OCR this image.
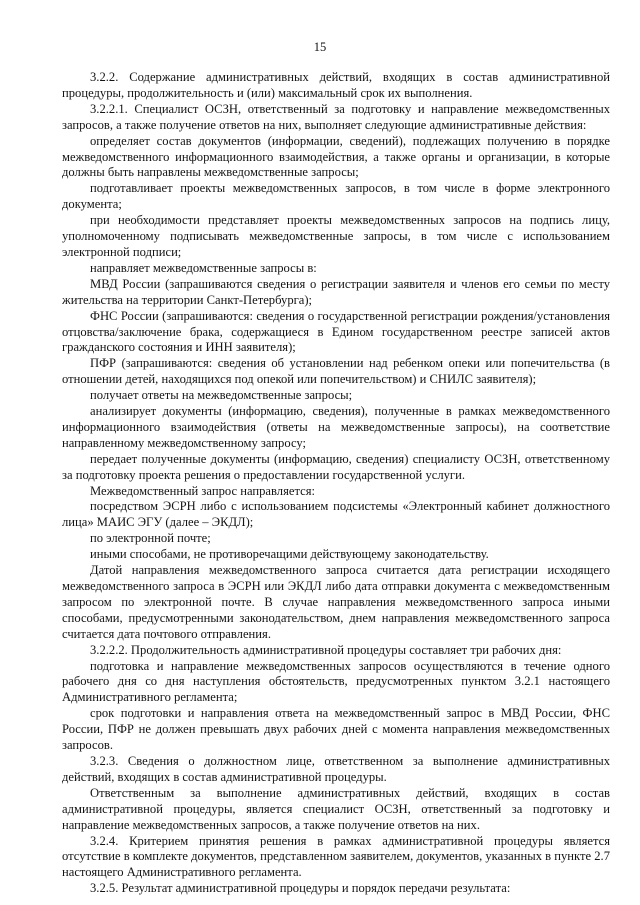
15

3.2.2. Содержание административных действий, входящих в состав административной процедуры, продолжительность и (или) максимальный срок их выполнения.

3.2.2.1. Специалист ОСЗН, ответственный за подготовку и направление межведомственных запросов, а также получение ответов на них, выполняет следующие административные действия:

определяет состав документов (информации, сведений), подлежащих получению в порядке межведомственного информационного взаимодействия, а также органы и организации, в которые должны быть направлены межведомственные запросы;

подготавливает проекты межведомственных запросов, в том числе в форме электронного документа;

при необходимости представляет проекты межведомственных запросов на подпись лицу, уполномоченному подписывать межведомственные запросы, в том числе с использованием электронной подписи;

направляет межведомственные запросы в:

МВД России (запрашиваются сведения о регистрации заявителя и членов его семьи по месту жительства на территории Санкт-Петербурга);

ФНС России (запрашиваются: сведения о государственной регистрации рождения/установления отцовства/заключение брака, содержащиеся в Едином государственном реестре записей актов гражданского состояния и ИНН заявителя);

ПФР (запрашиваются: сведения об установлении над ребенком опеки или попечительства (в отношении детей, находящихся под опекой или попечительством) и СНИЛС заявителя);

получает ответы на межведомственные запросы;

анализирует документы (информацию, сведения), полученные в рамках межведомственного информационного взаимодействия (ответы на межведомственные запросы), на соответствие направленному межведомственному запросу;

передает полученные документы (информацию, сведения) специалисту ОСЗН, ответственному за подготовку проекта решения о предоставлении государственной услуги.

Межведомственный запрос направляется:

посредством ЭСРН либо с использованием подсистемы «Электронный кабинет должностного лица» МАИС ЭГУ (далее – ЭКДЛ);

по электронной почте;

иными способами, не противоречащими действующему законодательству.

Датой направления межведомственного запроса считается дата регистрации исходящего межведомственного запроса в ЭСРН или ЭКДЛ либо дата отправки документа с межведомственным запросом по электронной почте. В случае направления межведомственного запроса иными способами, предусмотренными законодательством, днем направления межведомственного запроса считается дата почтового отправления.

3.2.2.2. Продолжительность административной процедуры составляет три рабочих дня:

подготовка и направление межведомственных запросов осуществляются в течение одного рабочего дня со дня наступления обстоятельств, предусмотренных пунктом 3.2.1 настоящего Административного регламента;

срок подготовки и направления ответа на межведомственный запрос в МВД России, ФНС России, ПФР не должен превышать двух рабочих дней с момента направления межведомственных запросов.

3.2.3. Сведения о должностном лице, ответственном за выполнение административных действий, входящих в состав административной процедуры.

Ответственным за выполнение административных действий, входящих в состав административной процедуры, является специалист ОСЗН, ответственный за подготовку и направление межведомственных запросов, а также получение ответов на них.

3.2.4. Критерием принятия решения в рамках административной процедуры является отсутствие в комплекте документов, представленном заявителем, документов, указанных в пункте 2.7 настоящего Административного регламента.

3.2.5. Результат административной процедуры и порядок передачи результата:
